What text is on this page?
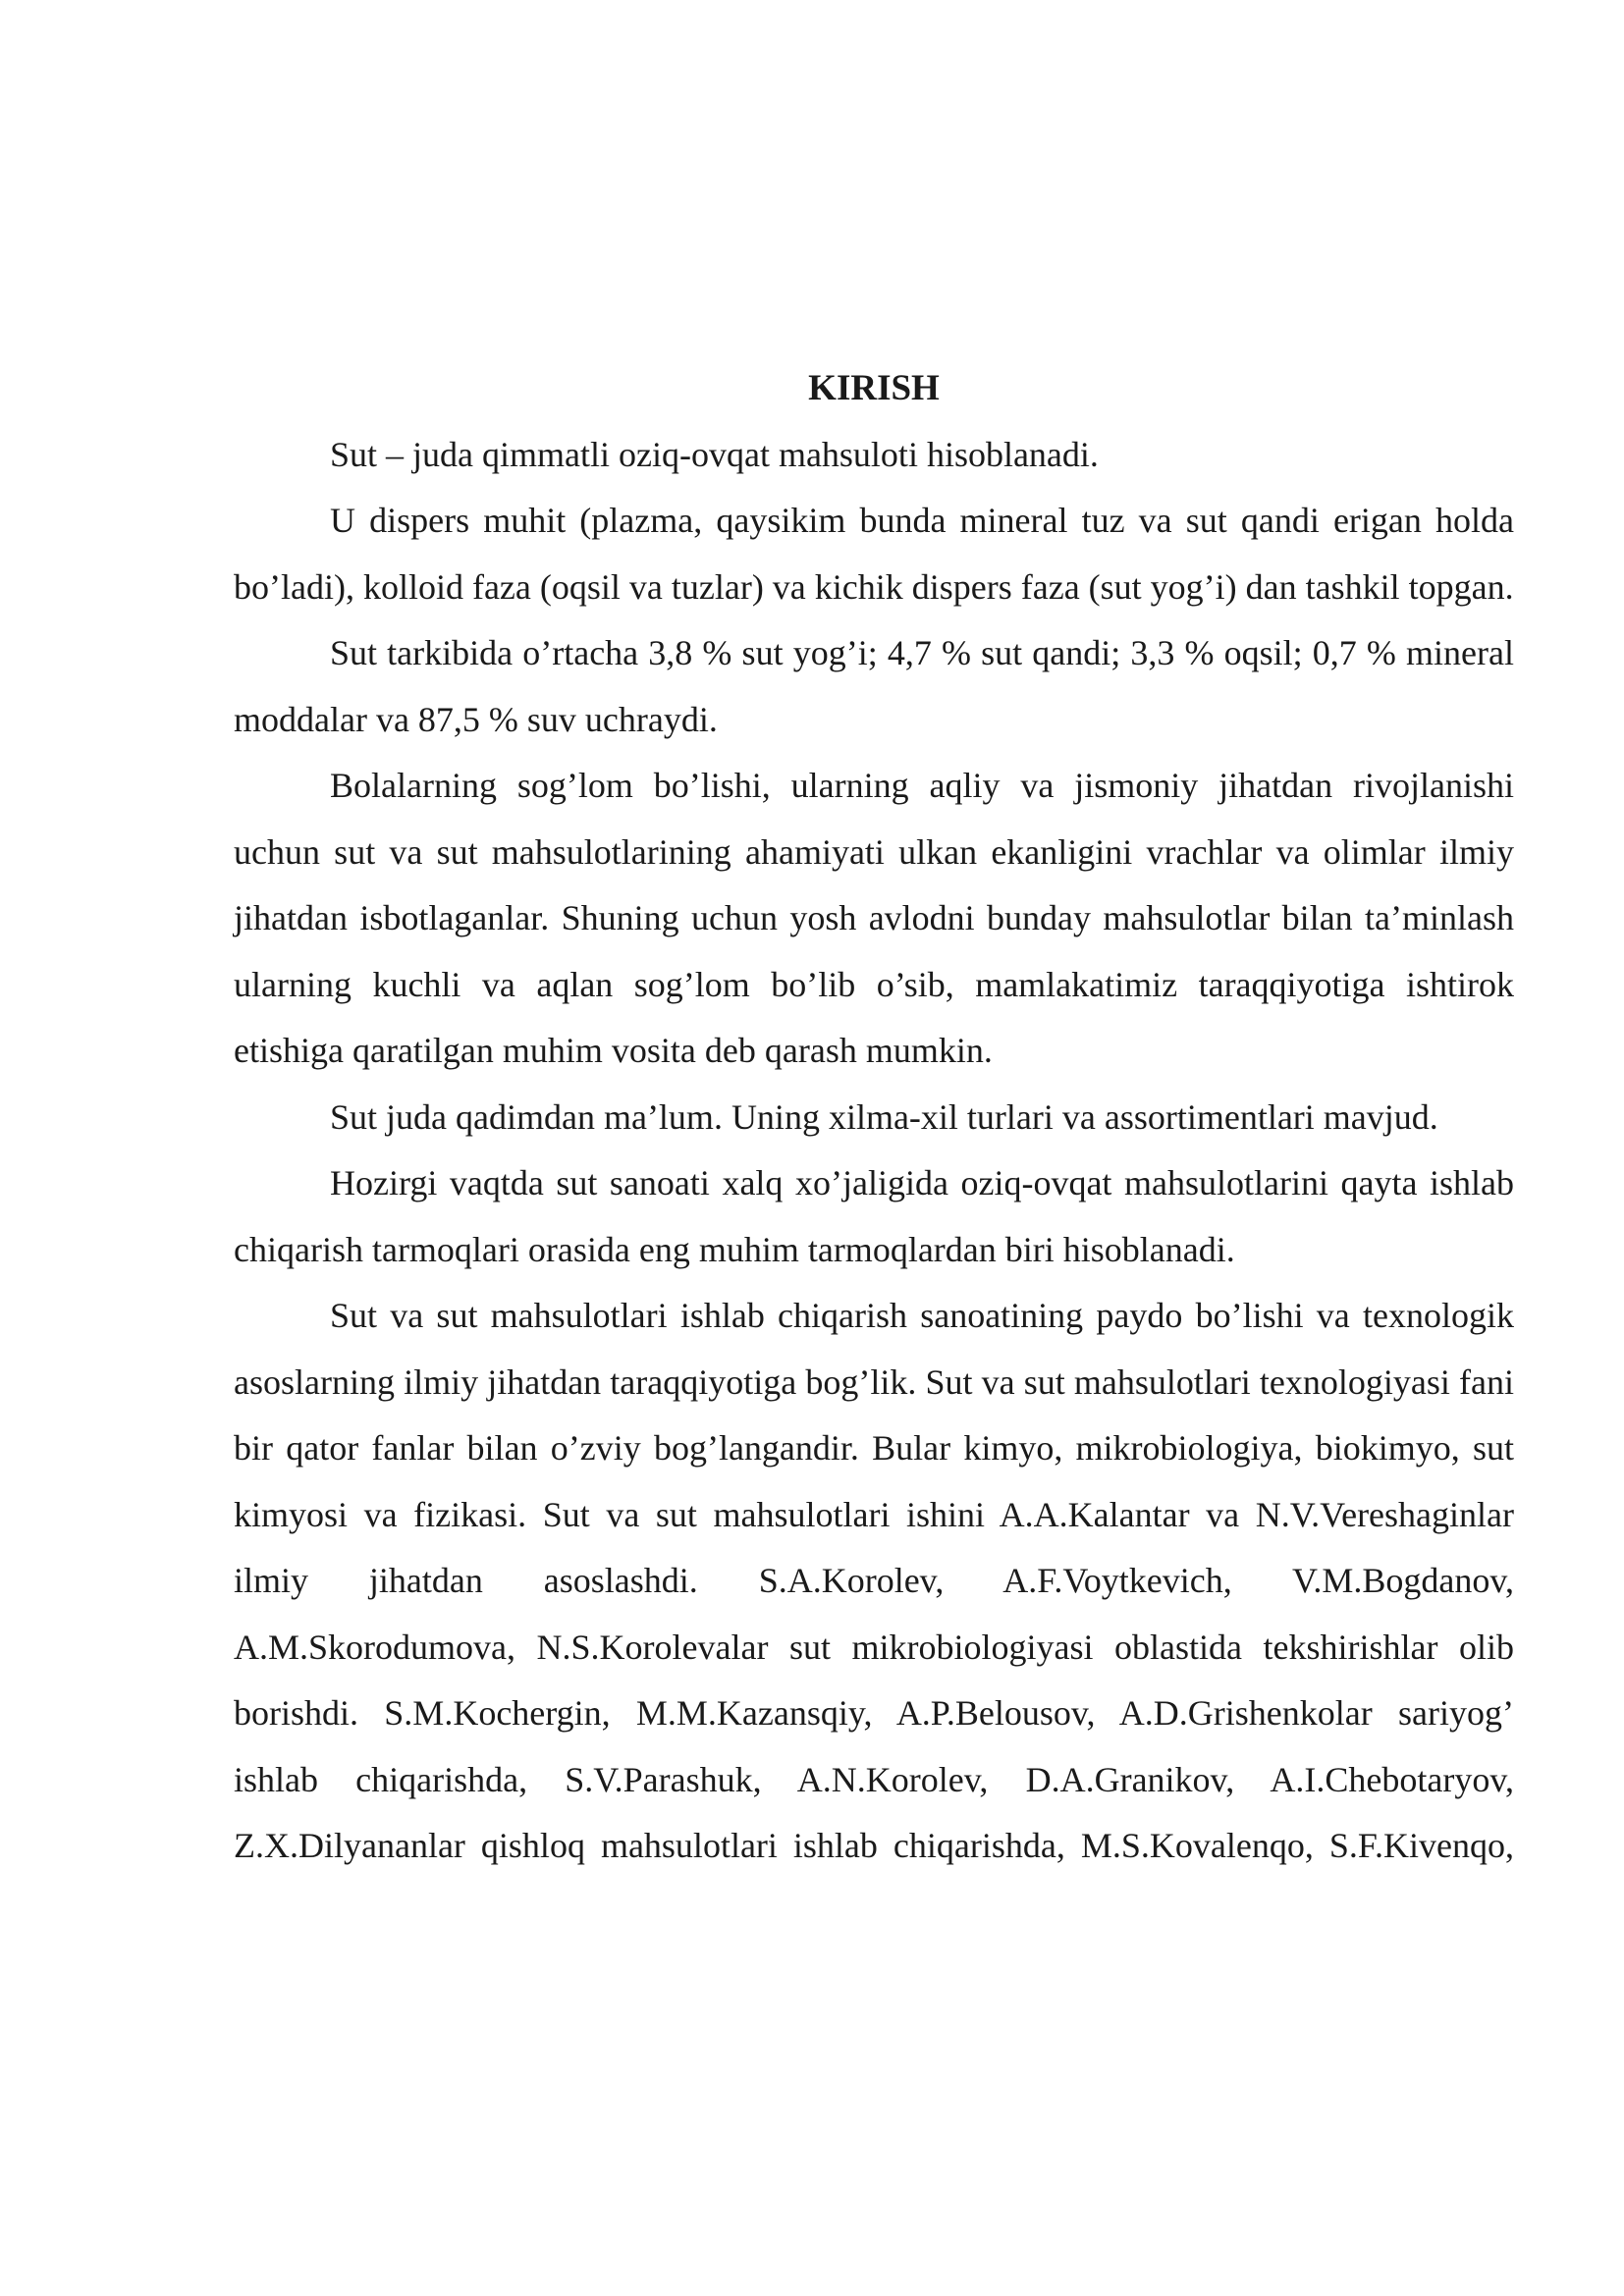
KIRISH

Sut – juda qimmatli oziq-ovqat mahsuloti hisoblanadi.

U dispers muhit (plazma, qaysikim bunda mineral tuz va sut qandi erigan holda bo’ladi), kolloid faza (oqsil va tuzlar) va kichik dispers faza (sut yog’i) dan tashkil topgan.

Sut tarkibida o’rtacha 3,8 % sut yog’i; 4,7 % sut qandi; 3,3 % oqsil; 0,7 % mineral moddalar va 87,5 % suv uchraydi.

Bolalarning sog’lom bo’lishi, ularning aqliy va jismoniy jihatdan rivojlanishi uchun sut va sut mahsulotlarining ahamiyati ulkan ekanligini vrachlar va olimlar ilmiy jihatdan isbotlaganlar. Shuning uchun yosh avlodni bunday mahsulotlar bilan ta’minlash ularning kuchli va aqlan sog’lom bo’lib o’sib, mamlakatimiz taraqqiyotiga ishtirok etishiga qaratilgan muhim vosita deb qarash mumkin.

Sut juda qadimdan ma’lum. Uning xilma-xil turlari va assortimentlari mavjud.

Hozirgi vaqtda sut sanoati xalq xo’jaligida oziq-ovqat mahsulotlarini qayta ishlab chiqarish tarmoqlari orasida eng muhim tarmoqlardan biri hisoblanadi.

Sut va sut mahsulotlari ishlab chiqarish sanoatining paydo bo’lishi va texnologik asoslarning ilmiy jihatdan taraqqiyotiga bog’lik. Sut va sut mahsulotlari texnologiyasi fani bir qator fanlar bilan o’zviy bog’langandir. Bular kimyo, mikrobiologiya, biokimyo, sut kimyosi va fizikasi. Sut va sut mahsulotlari ishini A.A.Kalantar va N.V.Vereshaginlar ilmiy jihatdan asoslashdi. S.A.Korolev, A.F.Voytkevich, V.M.Bogdanov, A.M.Skorodumova, N.S.Korolevalar sut mikrobiologiyasi oblastida tekshirishlar olib borishdi. S.M.Kochergin, M.M.Kazansqiy, A.P.Belousov, A.D.Grishenkolar sariyog’ ishlab chiqarishda, S.V.Parashuk, A.N.Korolev, D.A.Granikov, A.I.Chebotaryov, Z.X.Dilyananlar qishloq mahsulotlari ishlab chiqarishda, M.S.Kovalenqo, S.F.Kivenqo,
